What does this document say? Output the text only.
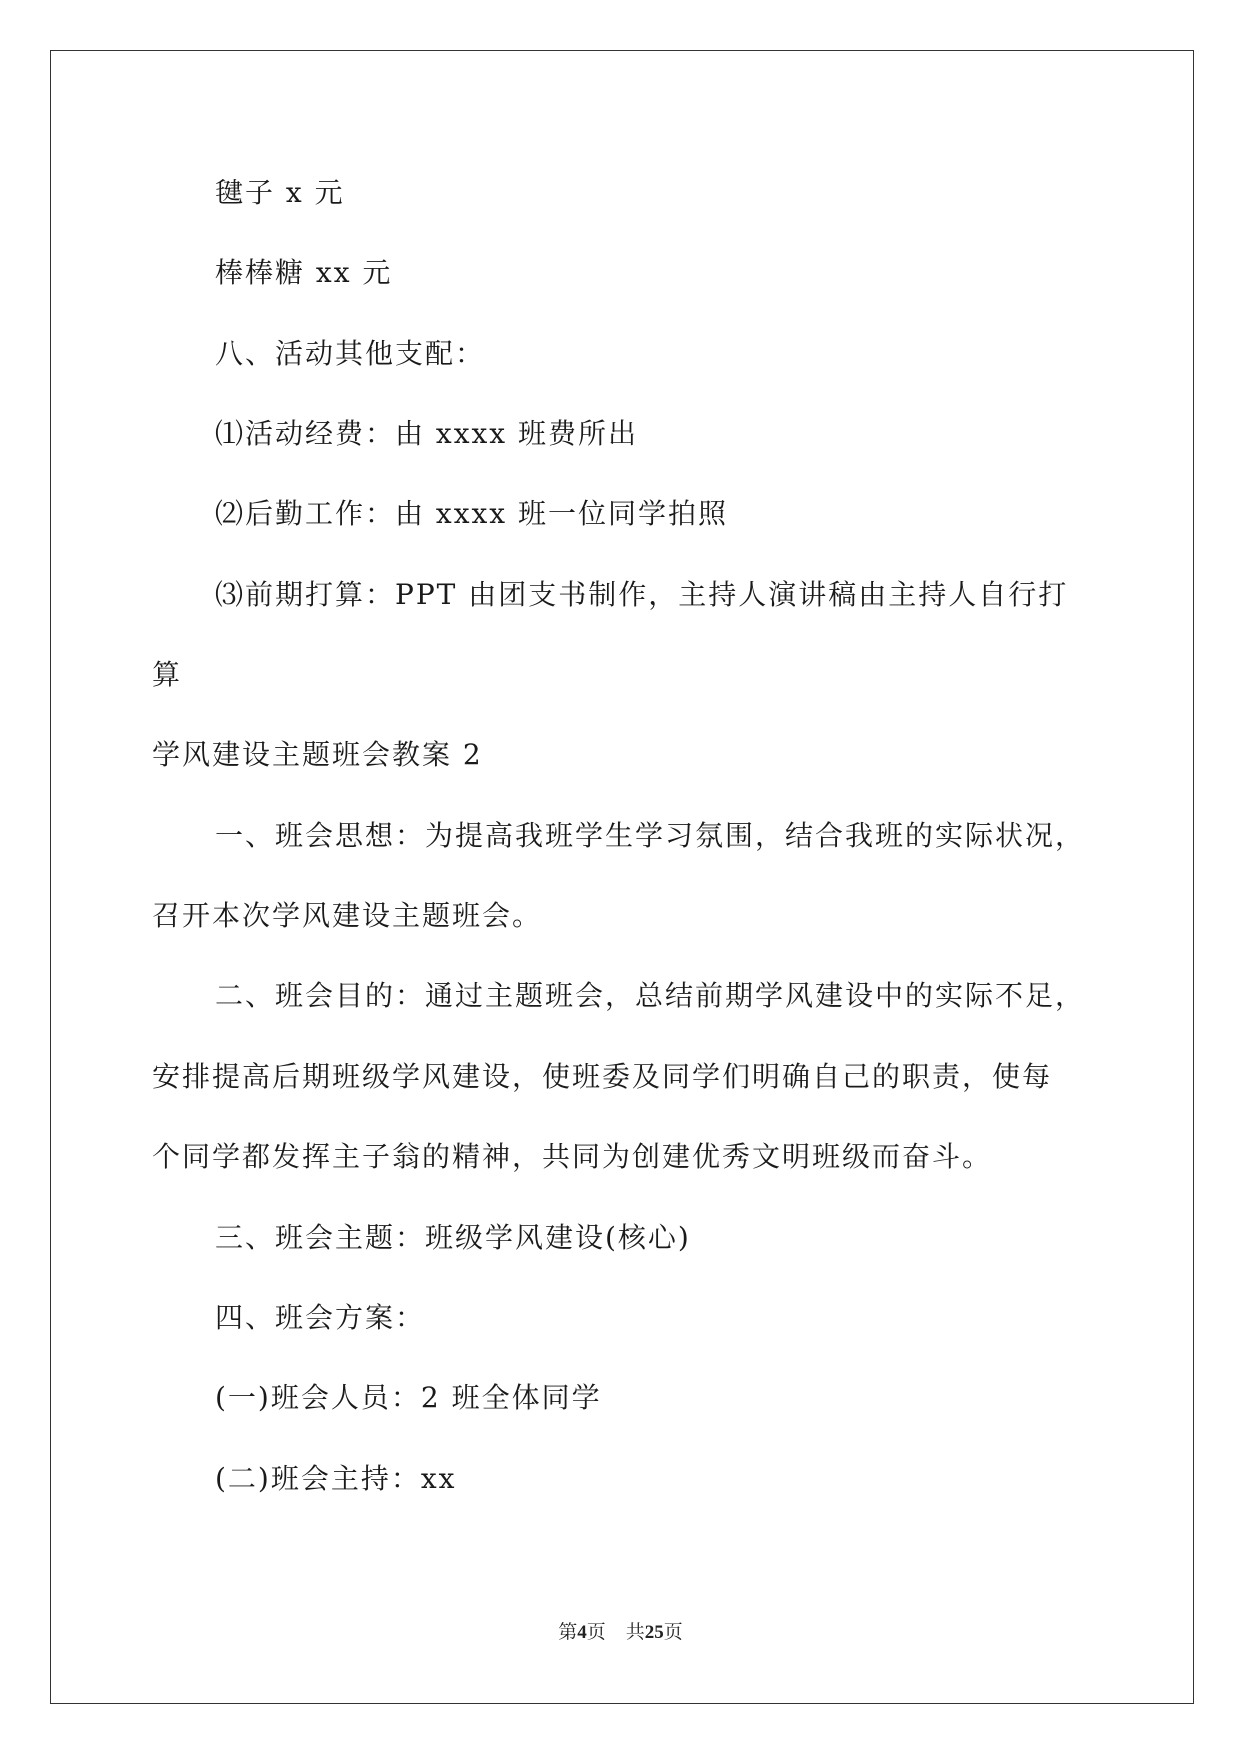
毽子 x 元
棒棒糖 xx 元
八、活动其他支配：
⑴活动经费：由 xxxx 班费所出
⑵后勤工作：由 xxxx 班一位同学拍照
⑶前期打算：PPT 由团支书制作，主持人演讲稿由主持人自行打
算
学风建设主题班会教案 2
一、班会思想：为提高我班学生学习氛围，结合我班的实际状况，
召开本次学风建设主题班会。
二、班会目的：通过主题班会，总结前期学风建设中的实际不足，
安排提高后期班级学风建设，使班委及同学们明确自己的职责，使每
个同学都发挥主子翁的精神，共同为创建优秀文明班级而奋斗。
三、班会主题：班级学风建设(核心)
四、班会方案：
(一)班会人员：2 班全体同学
(二)班会主持：xx
第4页 共25页
